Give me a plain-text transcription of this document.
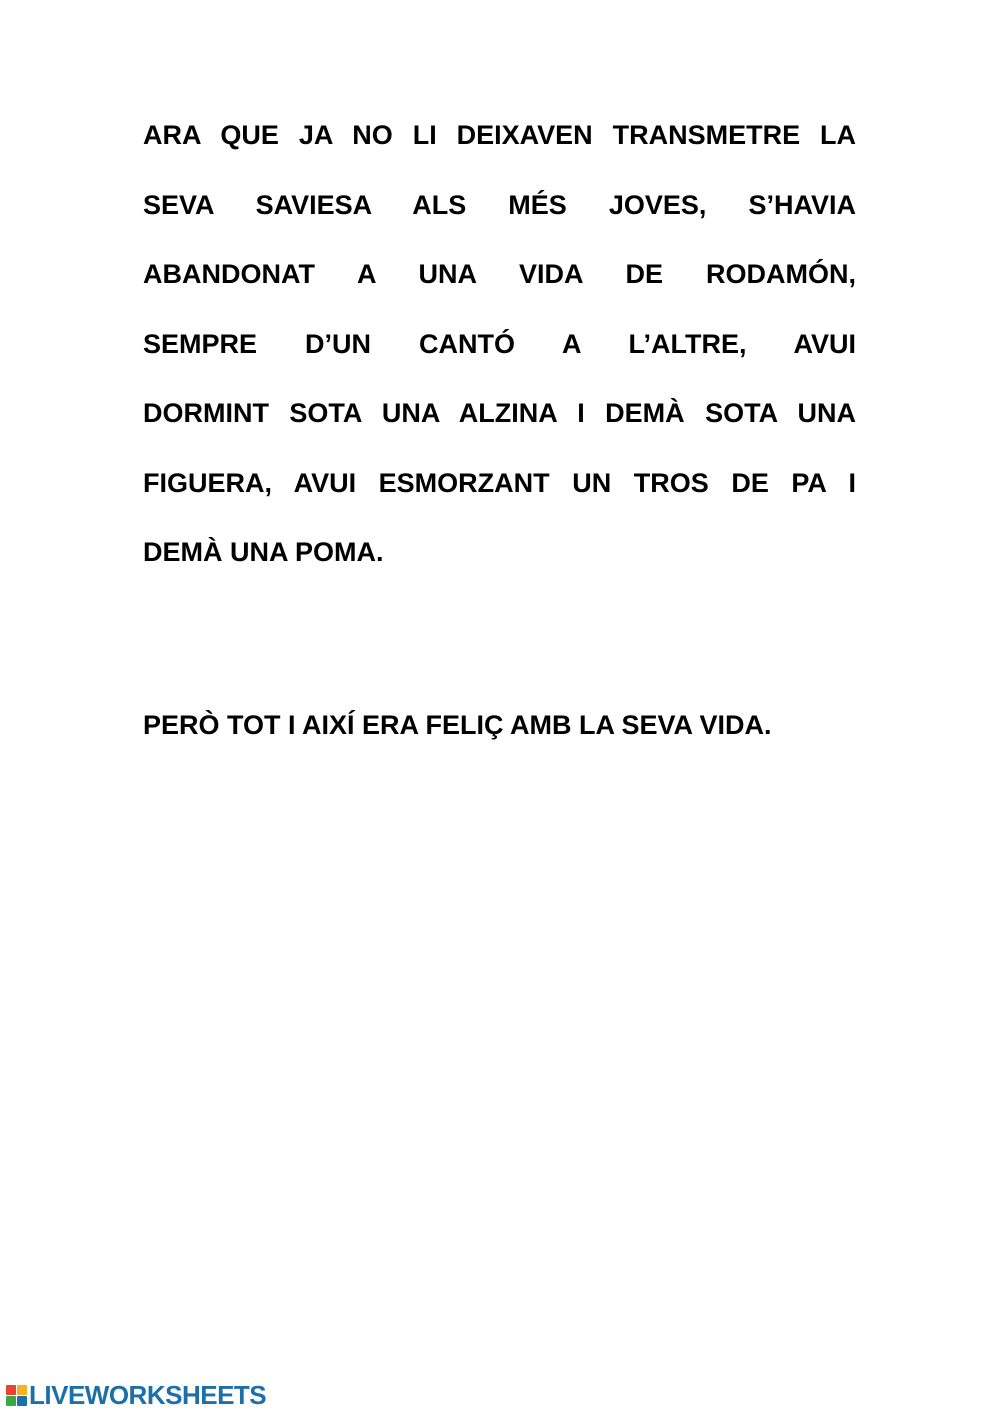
ARA QUE JA NO LI DEIXAVEN TRANSMETRE LA

SEVA SAVIESA ALS MÉS JOVES, S’HAVIA

ABANDONAT A UNA VIDA DE RODAMÓN,

SEMPRE D’UN CANTÓ A L’ALTRE, AVUI

DORMINT SOTA UNA ALZINA I DEMÀ SOTA UNA

FIGUERA, AVUI ESMORZANT UN TROS DE PA I

DEMÀ UNA POMA.

PERÒ TOT I AIXÍ ERA FELIÇ AMB LA SEVA VIDA.

LIVEWORKSHEETS
